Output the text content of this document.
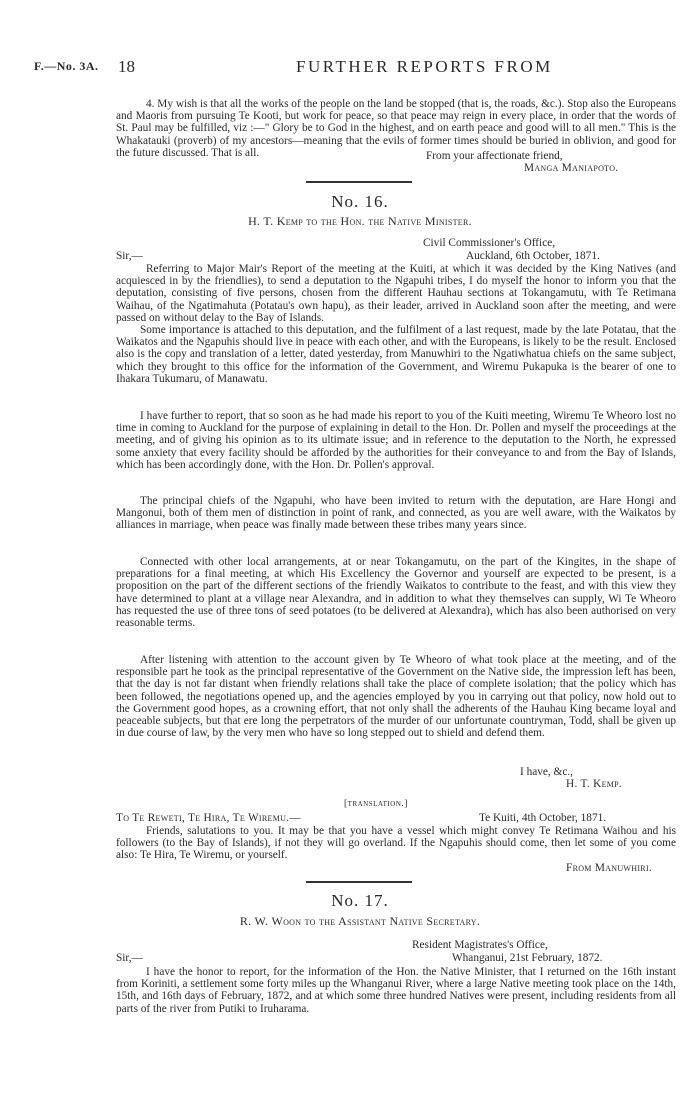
F.—No. 3A. 18	FURTHER REPORTS FROM
4. My wish is that all the works of the people on the land be stopped (that is, the roads, &c.). Stop also the Europeans and Maoris from pursuing Te Kooti, but work for peace, so that peace may reign in every place, in order that the words of St. Paul may be fulfilled, viz :—" Glory be to God in the highest, and on earth peace and good will to all men." This is the Whakatauki (proverb) of my ancestors—meaning that the evils of former times should be buried in oblivion, and good for the future discussed. That is all.	From your affectionate friend,
Manga Maniapoto.
No. 16.
H. T. Kemp to the Hon. the Native Minister.
Civil Commissioner's Office,
Sir,—	Auckland, 6th October, 1871.
Referring to Major Mair's Report of the meeting at the Kuiti, at which it was decided by the King Natives (and acquiesced in by the friendlies), to send a deputation to the Ngapuhi tribes, I do myself the honor to inform you that the deputation, consisting of five persons, chosen from the different Hauhau sections at Tokangamutu, with Te Retimana Waihau, of the Ngatimahuta (Potatau's own hapu), as their leader, arrived in Auckland soon after the meeting, and were passed on without delay to the Bay of Islands.
Some importance is attached to this deputation, and the fulfilment of a last request, made by the late Potatau, that the Waikatos and the Ngapuhis should live in peace with each other, and with the Europeans, is likely to be the result. Enclosed also is the copy and translation of a letter, dated yesterday, from Manuwhiri to the Ngatiwhatua chiefs on the same subject, which they brought to this office for the information of the Government, and Wiremu Pukapuka is the bearer of one to Ihakara Tukumaru, of Manawatu.
I have further to report, that so soon as he had made his report to you of the Kuiti meeting, Wiremu Te Wheoro lost no time in coming to Auckland for the purpose of explaining in detail to the Hon. Dr. Pollen and myself the proceedings at the meeting, and of giving his opinion as to its ultimate issue; and in reference to the deputation to the North, he expressed some anxiety that every facility should be afforded by the authorities for their conveyance to and from the Bay of Islands, which has been accordingly done, with the Hon. Dr. Pollen's approval.
The principal chiefs of the Ngapuhi, who have been invited to return with the deputation, are Hare Hongi and Mangonui, both of them men of distinction in point of rank, and connected, as you are well aware, with the Waikatos by alliances in marriage, when peace was finally made between these tribes many years since.
Connected with other local arrangements, at or near Tokangamutu, on the part of the Kingites, in the shape of preparations for a final meeting, at which His Excellency the Governor and yourself are expected to be present, is a proposition on the part of the different sections of the friendly Waikatos to contribute to the feast, and with this view they have determined to plant at a village near Alexandra, and in addition to what they themselves can supply, Wi Te Wheoro has requested the use of three tons of seed potatoes (to be delivered at Alexandra), which has also been authorised on very reasonable terms.
After listening with attention to the account given by Te Wheoro of what took place at the meeting, and of the responsible part he took as the principal representative of the Government on the Native side, the impression left has been, that the day is not far distant when friendly relations shall take the place of complete isolation; that the policy which has been followed, the negotiations opened up, and the agencies employed by you in carrying out that policy, now hold out to the Government good hopes, as a crowning effort, that not only shall the adherents of the Hauhau King became loyal and peaceable subjects, but that ere long the perpetrators of the murder of our unfortunate countryman, Todd, shall be given up in due course of law, by the very men who have so long stepped out to shield and defend them.
I have, &c.,
H. T. Kemp.
[translation.]
To Te Reweti, Te Hira, Te Wiremu.—	Te Kuiti, 4th October, 1871.
Friends, salutations to you. It may be that you have a vessel which might convey Te Retimana Waihou and his followers (to the Bay of Islands), if not they will go overland. If the Ngapuhis should come, then let some of you come also: Te Hira, Te Wiremu, or yourself.
From Manuwhiri.
No. 17.
R. W. Woon to the Assistant Native Secretary.
Resident Magistrates's Office,
Sir,—	Whanganui, 21st February, 1872.
I have the honor to report, for the information of the Hon. the Native Minister, that I returned on the 16th instant from Koriniti, a settlement some forty miles up the Whanganui River, where a large Native meeting took place on the 14th, 15th, and 16th days of February, 1872, and at which some three hundred Natives were present, including residents from all parts of the river from Putiki to Iruharama.
